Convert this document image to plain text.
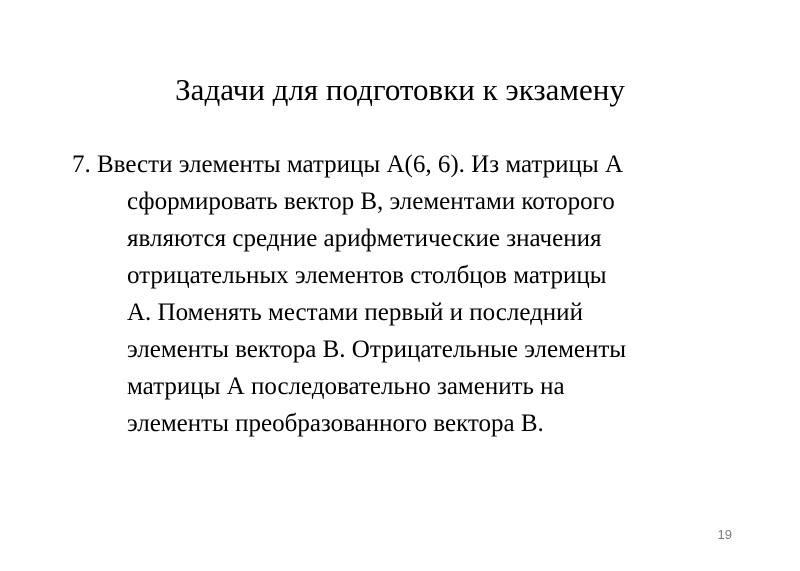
Задачи для подготовки к экзамену

7. Ввести элементы матрицы А(6, 6). Из матрицы А
сформировать вектор В, элементами которого
являются средние арифметические значения
отрицательных элементов столбцов матрицы
А. Поменять местами первый и последний
элементы вектора В. Отрицательные элементы
матрицы А последовательно заменить на
элементы преобразованного вектора В.

19
